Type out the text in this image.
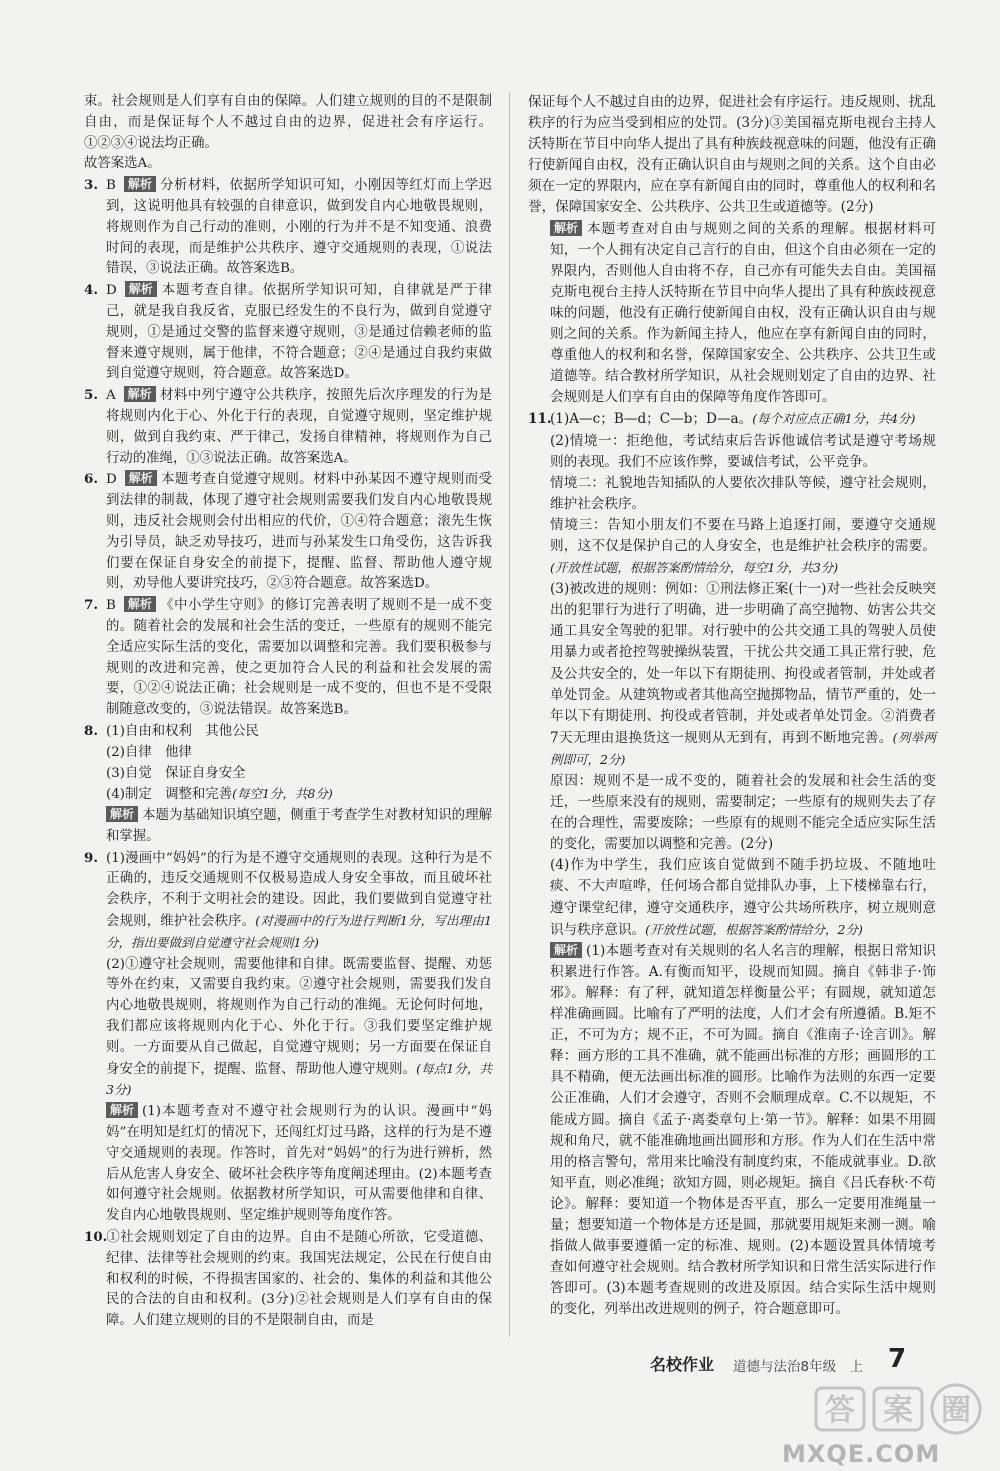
束。社会规则是人们享有自由的保障。人们建立规则的目的不是限制自由，而是保证每个人不越过自由的边界，促进社会有序运行。①②③④说法均正确。

故答案选A。

3. B 解析 分析材料，依据所学知识可知，小刚因等红灯而上学迟到，这说明他具有较强的自律意识，做到发自内心地敬畏规则，将规则作为自己行动的准则，小刚的行为并不是不知变通、浪费时间的表现，而是维护公共秩序、遵守交通规则的表现，①说法错误，③说法正确。故答案选B。

4. D 解析 本题考查自律。依据所学知识可知，自律就是严于律己，就是我自我反省，克服已经发生的不良行为，做到自觉遵守规则，①是通过交警的监督来遵守规则，③是通过信赖老师的监督来遵守规则，属于他律，不符合题意；②④是通过自我约束做到自觉遵守规则，符合题意。故答案选D。

5. A 解析 材料中列宁遵守公共秩序，按照先后次序理发的行为是将规则内化于心、外化于行的表现，自觉遵守规则，坚定维护规则，做到自我约束、严于律己，发扬自律精神，将规则作为自己行动的准绳，①③说法正确。故答案选A。

6. D 解析 本题考查自觉遵守规则。材料中孙某因不遵守规则而受到法律的制裁，体现了遵守社会规则需要我们发自内心地敬畏规则，违反社会规则会付出相应的代价，①④符合题意；滚先生恢为引导员，缺乏劝导技巧，进而与孙某发生口角受伤，这告诉我们要在保证自身安全的前提下，提醒、监督、帮助他人遵守规则，劝导他人要讲究技巧，②③符合题意。故答案选D。

7. B 解析 《中小学生守则》的修订完善表明了规则不是一成不变的。随着社会的发展和社会生活的变迁，一些原有的规则不能完全适应实际生活的变化，需要加以调整和完善。我们要积极参与规则的改进和完善，使之更加符合人民的利益和社会发展的需要，①②④说法正确；社会规则是一成不变的，但也不是不受限制随意改变的，③说法错误。故答案选B。

8. (1)自由和权利　其他公民

(2)自律　他律

(3)自觉　保证自身安全

(4)制定　调整和完善(每空1分，共8分)

解析 本题为基础知识填空题，侧重于考查学生对教材知识的理解和掌握。

9. (1)漫画中“妈妈”的行为是不遵守交通规则的表现。这种行为是不正确的，违反交通规则不仅极易造成人身安全事故，而且破坏社会秩序，不利于文明社会的建设。因此，我们要做到自觉遵守社会规则，维护社会秩序。(对漫画中的行为进行判断1分，写出理由1分，指出要做到自觉遵守社会规则1分)

(2)①遵守社会规则，需要他律和自律。既需要监督、提醒、劝惩等外在约束，又需要自我约束。②遵守社会规则，需要我们发自内心地敬畏规则，将规则作为自己行动的准绳。无论何时何地，我们都应该将规则内化于心、外化于行。③我们要坚定维护规则。一方面要从自己做起，自觉遵守规则；另一方面要在保证自身安全的前提下，提醒、监督、帮助他人遵守规则。(每点1分，共3分)

解析 (1)本题考查对不遵守社会规则行为的认识。漫画中“妈妈”在明知是红灯的情况下，还闯红灯过马路，这样的行为是不遵守交通规则的表现。作答时，首先对“妈妈”的行为进行辨析，然后从危害人身安全、破坏社会秩序等角度阐述理由。(2)本题考查如何遵守社会规则。依据教材所学知识，可从需要他律和自律、发自内心地敬畏规则、坚定维护规则等角度作答。

10.①社会规则划定了自由的边界。自由不是随心所欲，它受道德、纪律、法律等社会规则的约束。我国宪法规定，公民在行使自由和权利的时候，不得损害国家的、社会的、集体的利益和其他公民的合法的自由和权利。(3分)②社会规则是人们享有自由的保障。人们建立规则的目的不是限制自由，而是

保证每个人不越过自由的边界，促进社会有序运行。违反规则、扰乱秩序的行为应当受到相应的处罚。(3分)③美国福克斯电视台主持人沃特斯在节目中向华人提出了具有种族歧视意味的问题，他没有正确行使新闻自由权，没有正确认识自由与规则之间的关系。这个自由必须在一定的界限内，应在享有新闻自由的同时，尊重他人的权利和名誉，保障国家安全、公共秩序、公共卫生或道德等。(2分)

解析 本题考查对自由与规则之间的关系的理解。根据材料可知，一个人拥有决定自己言行的自由，但这个自由必须在一定的界限内，否则他人自由将不存，自己亦有可能失去自由。美国福克斯电视台主持人沃特斯在节目中向华人提出了具有种族歧视意味的问题，他没有正确行使新闻自由权，没有正确认识自由与规则之间的关系。作为新闻主持人，他应在享有新闻自由的同时，尊重他人的权利和名誉，保障国家安全、公共秩序、公共卫生或道德等。结合教材所学知识，从社会规则划定了自由的边界、社会规则是人们享有自由的保障等角度作答即可。

11.(1)A—c；B—d；C—b；D—a。(每个对应点正确1分，共4分)

(2)情境一：拒绝他，考试结束后告诉他诚信考试是遵守考场规则的表现。我们不应该作弊，要诚信考试，公平竞争。

情境二：礼貌地告知插队的人要依次排队等候，遵守社会规则，维护社会秩序。

情境三：告知小朋友们不要在马路上追逐打闹，要遵守交通规则，这不仅是保护自己的人身安全，也是维护社会秩序的需要。(开放性试题，根据答案酌情给分，每空1分，共3分)

(3)被改进的规则：例如：①刑法修正案(十一)对一些社会反映突出的犯罪行为进行了明确，进一步明确了高空抛物、妨害公共交通工具安全驾驶的犯罪。对行驶中的公共交通工具的驾驶人员使用暴力或者抢控驾驶操纵装置，干扰公共交通工具正常行驶，危及公共安全的，处一年以下有期徒刑、拘役或者管制，并处或者单处罚金。从建筑物或者其他高空抛掷物品，情节严重的，处一年以下有期徒刑、拘役或者管制，并处或者单处罚金。②消费者7天无理由退换货这一规则从无到有，再到不断地完善。(列举两例即可，2分)

原因：规则不是一成不变的，随着社会的发展和社会生活的变迁，一些原来没有的规则，需要制定；一些原有的规则失去了存在的合理性，需要废除；一些原有的规则不能完全适应实际生活的变化，需要加以调整和完善。(2分)

(4)作为中学生，我们应该自觉做到不随手扔垃圾、不随地吐痰、不大声喧哗，任何场合都自觉排队办事，上下楼梯靠右行，遵守课堂纪律，遵守交通秩序，遵守公共场所秩序，树立规则意识与秩序意识。(开放性试题，根据答案酌情给分，2分)

解析 (1)本题考查对有关规则的名人名言的理解，根据日常知识积累进行作答。A.有衡而知平，设规而知圆。摘自《韩非子·饰邪》。解释：有了秤，就知道怎样衡量公平；有圆规，就知道怎样准确画圆。比喻有了严明的法度，人们才会有所遵循。B.矩不正，不可为方；规不正，不可为圆。摘自《淮南子·诠言训》。解释：画方形的工具不准确，就不能画出标准的方形；画圆形的工具不精确，便无法画出标准的圆形。比喻作为法则的东西一定要公正准确，人们才会遵守，否则不会顺理成章。C.不以规矩，不能成方圆。摘自《孟子·离娄章句上·第一节》。解释：如果不用圆规和角尺，就不能准确地画出圆形和方形。作为人们在生活中常用的格言警句，常用来比喻没有制度约束，不能成就事业。D.欲知平直，则必准绳；欲知方圆，则必规矩。摘自《吕氏春秋·不苟论》。解释：要知道一个物体是否平直，那么一定要用准绳量一量；想要知道一个物体是方还是圆，那就要用规矩来测一测。喻指做人做事要遵循一定的标准、规则。(2)本题设置具体情境考查如何遵守社会规则。结合教材所学知识和日常生活实际进行作答即可。(3)本题考查规则的改进及原因。结合实际生活中规则的变化，列举出改进规则的例子，符合题意即可。

名校作业 道德与法治8年级　上 7
答 案 圈
MXQE.COM
